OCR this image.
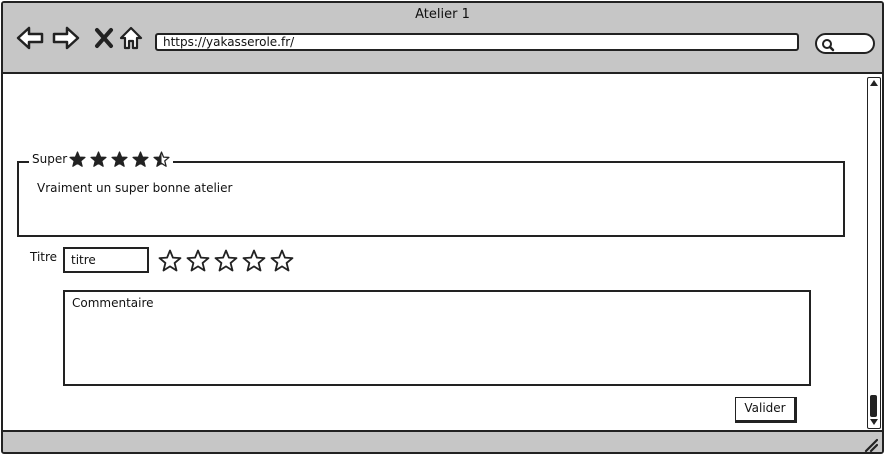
Atelier 1
https://yakasserole.fr/
Super
Vraiment un super bonne atelier
Titre	titre
Commentaire
Valider
